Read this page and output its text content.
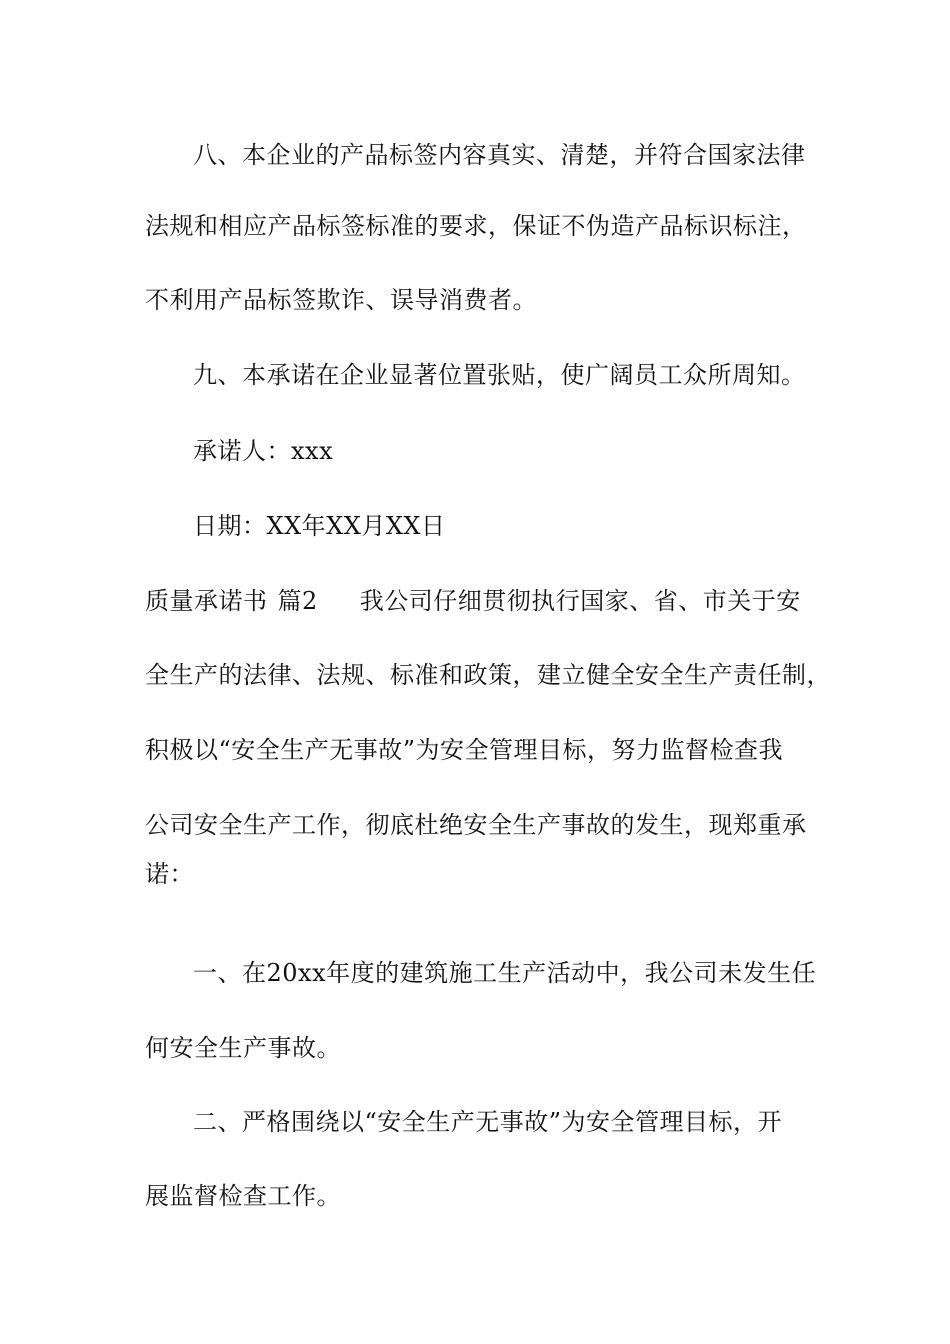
八、本企业的产品标签内容真实、清楚，并符合国家法律
法规和相应产品标签标准的要求，保证不伪造产品标识标注，
不利用产品标签欺诈、误导消费者。
九、本承诺在企业显著位置张贴，使广阔员工众所周知。
承诺人：xxx
日期：XX年XX月XX日
质量承诺书 篇2 我公司仔细贯彻执行国家、省、市关于安
全生产的法律、法规、标准和政策，建立健全安全生产责任制，
积极以“安全生产无事故”为安全管理目标，努力监督检查我
公司安全生产工作，彻底杜绝安全生产事故的发生，现郑重承
诺：
一、在20xx年度的建筑施工生产活动中，我公司未发生任
何安全生产事故。
二、严格围绕以“安全生产无事故”为安全管理目标，开
展监督检查工作。
